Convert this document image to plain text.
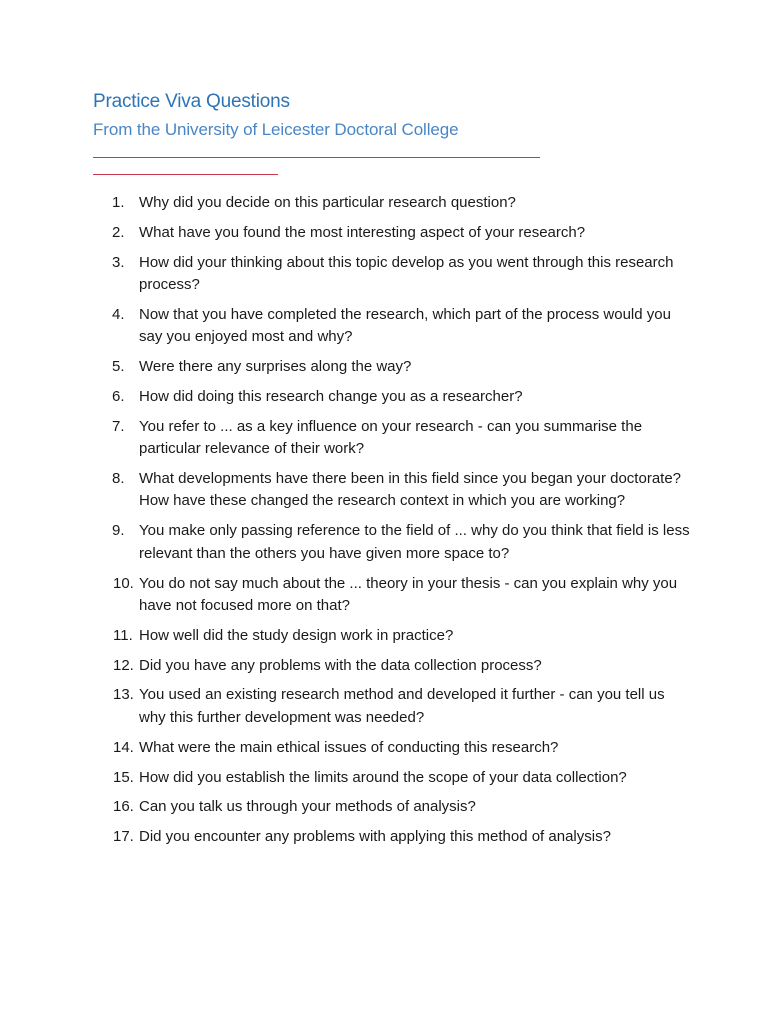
Practice Viva Questions
From the University of Leicester Doctoral College
1. Why did you decide on this particular research question?
2. What have you found the most interesting aspect of your research?
3. How did your thinking about this topic develop as you went through this research process?
4. Now that you have completed the research, which part of the process would you say you enjoyed most and why?
5. Were there any surprises along the way?
6. How did doing this research change you as a researcher?
7. You refer to ... as a key influence on your research - can you summarise the particular relevance of their work?
8. What developments have there been in this field since you began your doctorate? How have these changed the research context in which you are working?
9. You make only passing reference to the field of ... why do you think that field is less relevant than the others you have given more space to?
10. You do not say much about the ... theory in your thesis - can you explain why you have not focused more on that?
11. How well did the study design work in practice?
12. Did you have any problems with the data collection process?
13. You used an existing research method and developed it further - can you tell us why this further development was needed?
14. What were the main ethical issues of conducting this research?
15. How did you establish the limits around the scope of your data collection?
16. Can you talk us through your methods of analysis?
17. Did you encounter any problems with applying this method of analysis?
